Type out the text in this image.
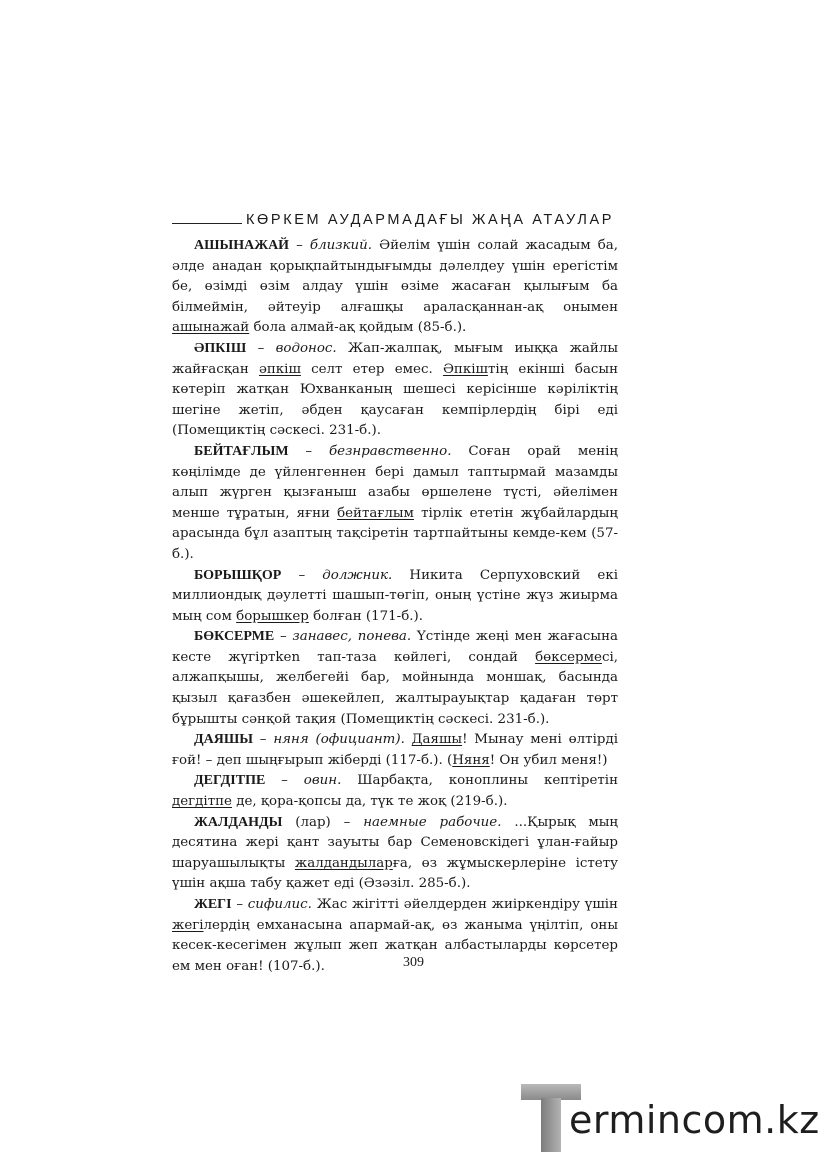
КӨРКЕМ АУДАРМАДАҒЫ ЖАҢА АТАУЛАР

АШЫНАЖАЙ – близкий. Әйелім үшін солай жасадым ба, әлде анадан қорықпайтындығымды дәлелдеу үшін ерегістім бе, өзімді өзім алдау үшін өзіме жасаған қылығым ба білмеймін, әйтеуір алғашқы араласқаннан-ақ онымен ашынажай бола алмай-ақ қойдым (85-б.).

ӘПКІШ – водонос. Жап-жалпақ, мығым иыққа жайлы жайғасқан әпкіш селт етер емес. Әпкіштің екінші басын көтеріп жатқан Юхванканың шешесі керісінше кәріліктің шегіне жетіп, әбден қаусаған кемпірлердің бірі еді (Помещиктің сәскесі. 231-б.).

БЕЙТАҒЛЫМ – безнравственно. Соған орай менің көңілімде де үйленгеннен бері дамыл таптырмай мазамды алып жүрген қызғаныш азабы өршелене түсті, әйелімен менше тұратын, яғни бейтағлым тірлік ететін жұбайлардың арасында бұл азаптың тақсіретін тартпайтыны кемде-кем (57-б.).

БОРЫШҚОР – должник. Никита Серпуховский екі миллиондық дәулетті шашып-төгіп, оның үстіне жүз жиырма мың сом борышкер болған (171-б.).

БӨКСЕРМЕ – занавес, понева. Үстінде жеңі мен жағасына кесте жүгіртken тап-таза көйлегі, сондай бөксермесі, алжапқышы, желбегейі бар, мойнында моншақ, басында қызыл қағазбен әшекейлеп, жалтырауықтар қадаған төрт бұрышты сәнқой тақия (Помещиктің сәскесі. 231-б.).

ДАЯШЫ – няня (официант). Даяшы! Мынау мені өлтірді ғой! – деп шыңғырып жіберді (117-б.). (Няня! Он убил меня!)

ДЕГДІТПЕ – овин. Шарбақта, коноплины кептіретін дегдітпе де, қора-қопсы да, түк те жоқ (219-б.).

ЖАЛДАНДЫ (лар) – наемные рабочие. ...Қырық мың десятина жері қант зауыты бар Семеновскідегі ұлан-ғайыр шаруашылықты жалдандыларға, өз жұмыскерлеріне істету үшін ақша табу қажет еді (Әзәзіл. 285-б.).

ЖЕГІ – сифилис. Жас жігітті әйелдерден жиіркендіру үшін жегілердің емханасына апармай-ақ, өз жаныма үңілтіп, оны кесек-кесегімен жұлып жеп жатқан албастыларды көрсетер ем мен оған! (107-б.).	309
ermincom.kz
